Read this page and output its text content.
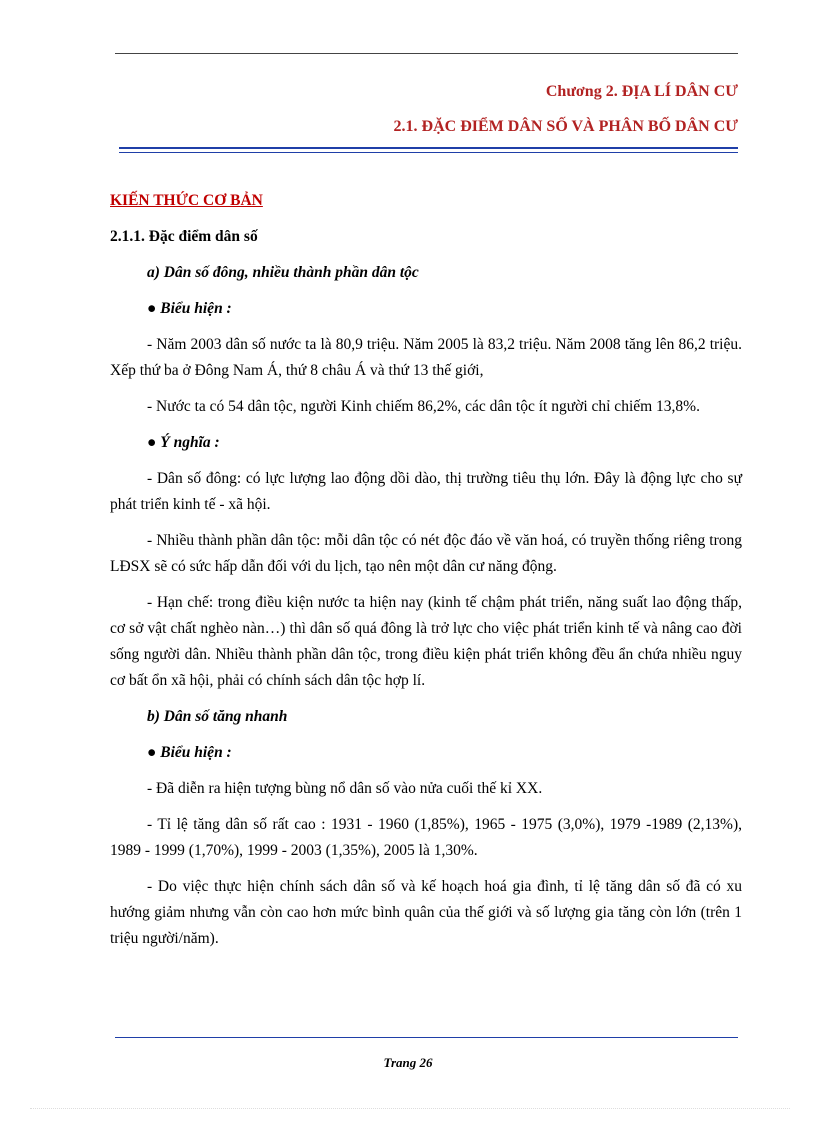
Chương 2. ĐỊA LÍ DÂN CƯ
2.1. ĐẶC ĐIỂM DÂN SỐ VÀ PHÂN BỐ DÂN CƯ

KIẾN THỨC CƠ BẢN

2.1.1. Đặc điểm dân số

a) Dân số đông, nhiều thành phần dân tộc

● Biểu hiện :

- Năm 2003 dân số nước ta là 80,9 triệu. Năm 2005 là 83,2 triệu. Năm 2008 tăng lên 86,2 triệu. Xếp thứ ba ở Đông Nam Á, thứ 8 châu Á và thứ 13 thế giới,

- Nước ta có 54 dân tộc, người Kinh chiếm 86,2%, các dân tộc ít người chỉ chiếm 13,8%.

● Ý nghĩa :

- Dân số đông: có lực lượng lao động dồi dào, thị trường tiêu thụ lớn. Đây là động lực cho sự phát triển kinh tế - xã hội.

- Nhiều thành phần dân tộc: mỗi dân tộc có nét độc đáo về văn hoá, có truyền thống riêng trong LĐSX sẽ có sức hấp dẫn đối với du lịch, tạo nên một dân cư năng động.

- Hạn chế: trong điều kiện nước ta hiện nay (kinh tế chậm phát triển, năng suất lao động thấp, cơ sở vật chất nghèo nàn…) thì dân số quá đông là trở lực cho việc phát triển kinh tế và nâng cao đời sống người dân. Nhiều thành phần dân tộc, trong điều kiện phát triển không đều ẩn chứa nhiều nguy cơ bất ổn xã hội, phải có chính sách dân tộc hợp lí.

b) Dân số tăng nhanh

● Biểu hiện :

- Đã diễn ra hiện tượng bùng nổ dân số vào nửa cuối thế kỉ XX.

- Tỉ lệ tăng dân số rất cao : 1931 - 1960 (1,85%), 1965 - 1975 (3,0%), 1979 -1989 (2,13%), 1989 - 1999 (1,70%), 1999 - 2003 (1,35%), 2005 là 1,30%.

- Do việc thực hiện chính sách dân số và kế hoạch hoá gia đình, tỉ lệ tăng dân số đã có xu hướng giảm nhưng vẫn còn cao hơn mức bình quân của thế giới và số lượng gia tăng còn lớn (trên 1 triệu người/năm).

Trang 26
